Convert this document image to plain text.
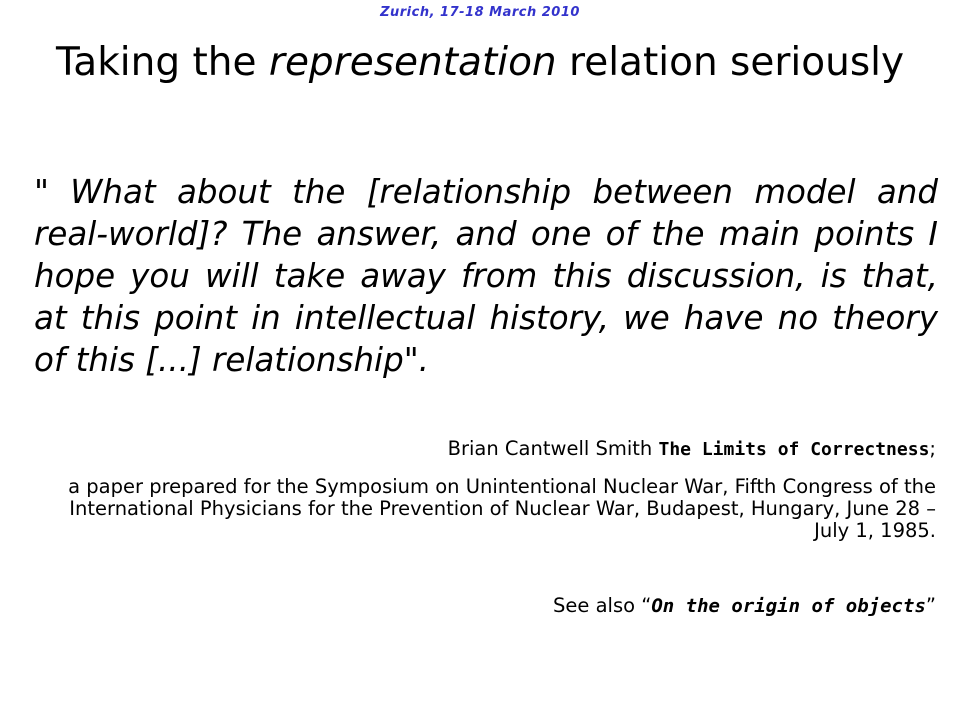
Zurich, 17-18 March 2010
Taking the representation relation seriously
" What about the [relationship between model and real-world]? The answer, and one of the main points I hope you will take away from this discussion, is that, at this point in intellectual history, we have no theory of this [...] relationship".
Brian Cantwell Smith The Limits of Correctness;
a paper prepared for the Symposium on Unintentional Nuclear War, Fifth Congress of the International Physicians for the Prevention of Nuclear War, Budapest, Hungary, June 28 – July 1, 1985.
See also “On the origin of objects”
